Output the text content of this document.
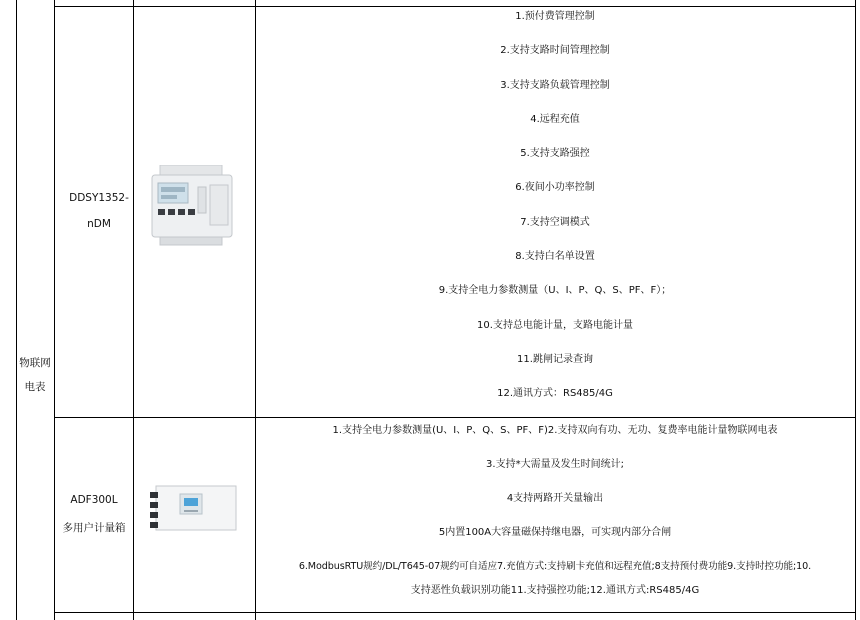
物联网
电表
DDSY1352-
nDM
1.预付费管理控制
2.支持支路时间管理控制
3.支持支路负载管理控制
4.远程充值
5.支持支路强控
6.夜间小功率控制
7.支持空调模式
8.支持白名单设置
9.支持全电力参数测量（U、I、P、Q、S、PF、F）；
10.支持总电能计量，支路电能计量
11.跳闸记录查询
12.通讯方式：RS485/4G
ADF300L
多用户计量箱
1.支持全电力参数测量(U、I、P、Q、S、PF、F)2.支持双向有功、无功、复费率电能计量物联网电表
3.支持*大需量及发生时间统计;
4支持两路开关量输出
5内置100A大容量磁保持继电器，可实现内部分合闸
6.ModbusRTU规约/DL/T645-07规约可自适应7.充值方式:支持刷卡充值和远程充值;8支持预付费功能9.支持时控功能;10.
支持恶性负载识别功能11.支持强控功能;12.通讯方式:RS485/4G
